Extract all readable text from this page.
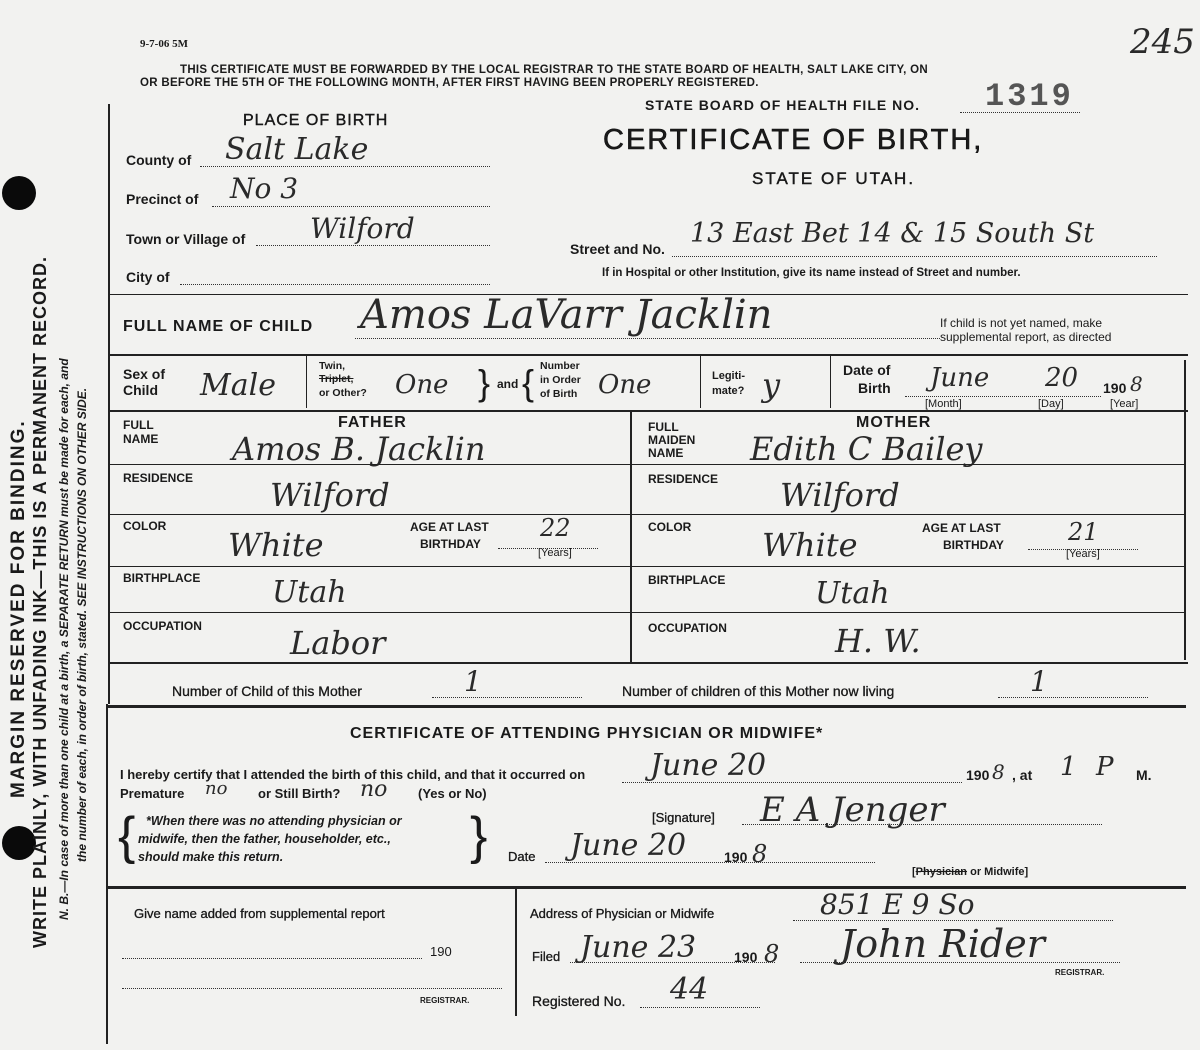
MARGIN RESERVED FOR BINDING. WRITE PLAINLY, WITH UNFADING INK—THIS IS A PERMANENT RECORD. N. B.—In case of more than one child at a birth, a SEPARATE RETURN must be made for each, and the number of each, in order of birth, stated. SEE INSTRUCTIONS ON OTHER SIDE.
9-7-06 5M	245
THIS CERTIFICATE MUST BE FORWARDED BY THE LOCAL REGISTRAR TO THE STATE BOARD OF HEALTH, SALT LAKE CITY, ON
OR BEFORE THE 5TH OF THE FOLLOWING MONTH, AFTER FIRST HAVING BEEN PROPERLY REGISTERED.
STATE BOARD OF HEALTH FILE NO. 1319
CERTIFICATE OF BIRTH,
STATE OF UTAH.
PLACE OF BIRTH
County of Salt Lake
Precinct of No 3
Town or Village of Wilford
City of
Street and No. 13 East Bet 14 & 15 South St
If in Hospital or other Institution, give its name instead of Street and number.
FULL NAME OF CHILD Amos LaVarr Jacklin	If child is not yet named, make
supplemental report, as directed
Sex of
Child Male
Twin,
Triplet,
or Other? One } and { Number
in Order
of Birth One	Legiti-
mate? y	Date of
Birth June 20 190 8
[Month]	[Day]	[Year]
FATHER
FULL
NAME Amos B. Jacklin
RESIDENCE Wilford
COLOR White	AGE AT LAST
BIRTHDAY
22
[Years]
BIRTHPLACE Utah
OCCUPATION	Labor
MOTHER
FULL
MAIDEN
NAME Edith C Bailey
RESIDENCE Wilford
COLOR White	AGE AT LAST
BIRTHDAY	21
[Years]
BIRTHPLACE	Utah
OCCUPATION	H. W.
Number of Child of this Mother	1	Number of children of this Mother now living	1
CERTIFICATE OF ATTENDING PHYSICIAN OR MIDWIFE*
I hereby certify that I attended the birth of this child, and that it occurred on June 20	190 8 , at 1 P M.
Premature no or Still Birth? no (Yes or No)
{ *When there was no attending physician or
midwife, then the father, householder, etc.,
should make this return.	}	[Signature] E A Jenger
Date June 20	190 8
[Physician or Midwife]
Give name added from supplemental report
190
REGISTRAR.
Address of Physician or Midwife	851 E 9 So
Filed June 23	190 8 John Rider
REGISTRAR.
Registered No. 44
